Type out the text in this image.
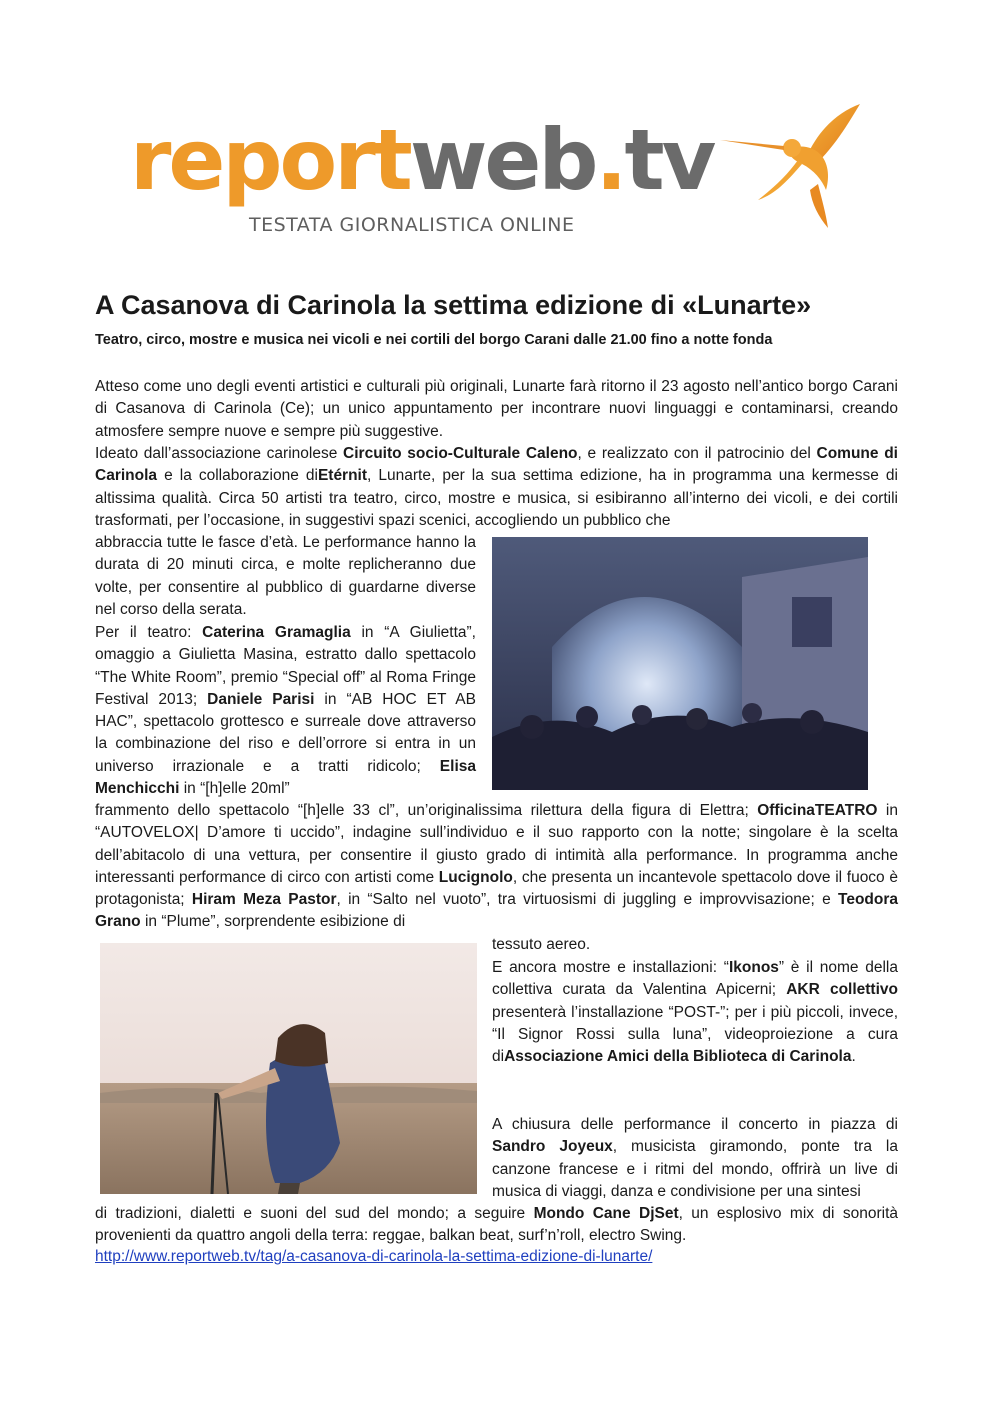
reportweb.tv
TESTATA GIORNALISTICA ONLINE
A Casanova di Carinola la settima edizione di «Lunarte»
Teatro, circo, mostre e musica nei vicoli e nei cortili del borgo Carani dalle 21.00 fino a notte fonda

Atteso come uno degli eventi artistici e culturali più originali, Lunarte farà ritorno il 23 agosto nell’antico borgo Carani di Casanova di Carinola (Ce); un unico appuntamento per incontrare nuovi linguaggi e contaminarsi, creando atmosfere sempre nuove e sempre più suggestive.

Ideato dall’associazione carinolese Circuito socio-Culturale Caleno, e realizzato con il patrocinio del Comune di Carinola e la collaborazione diEtérnit, Lunarte, per la sua settima edizione, ha in programma una kermesse di altissima qualità. Circa 50 artisti tra teatro, circo, mostre e musica, si esibiranno all’interno dei vicoli, e dei cortili trasformati, per l’occasione, in suggestivi spazi scenici, accogliendo un pubblico che

abbraccia tutte le fasce d’età. Le performance hanno la durata di 20 minuti circa, e molte replicheranno due volte, per consentire al pubblico di guardarne diverse nel corso della serata.

Per il teatro: Caterina Gramaglia in “A Giulietta”, omaggio a Giulietta Masina, estratto dallo spettacolo “The White Room”, premio “Special off” al Roma Fringe Festival 2013; Daniele Parisi in “AB HOC ET AB HAC”, spettacolo grottesco e surreale dove attraverso la combinazione del riso e dell’orrore si entra in un universo irrazionale e a tratti ridicolo; Elisa Menchicchi in “[h]elle 20ml”

frammento dello spettacolo “[h]elle 33 cl”, un’originalissima rilettura della figura di Elettra; OfficinaTEATRO in “AUTOVELOX| D’amore ti uccido”, indagine sull’individuo e il suo rapporto con la notte; singolare è la scelta dell’abitacolo di una vettura, per consentire il giusto grado di intimità alla performance. In programma anche interessanti performance di circo con artisti come Lucignolo, che presenta un incantevole spettacolo dove il fuoco è protagonista; Hiram Meza Pastor, in “Salto nel vuoto”, tra virtuosismi di juggling e improvvisazione; e Teodora Grano in “Plume”, sorprendente esibizione di

tessuto aereo.

E ancora mostre e installazioni: “Ikonos” è il nome della collettiva curata da Valentina Apicerni; AKR collettivo presenterà l’installazione “POST-”; per i più piccoli, invece, “Il Signor Rossi sulla luna”, videoproiezione a cura diAssociazione Amici della Biblioteca di Carinola.

A chiusura delle performance il concerto in piazza di Sandro Joyeux, musicista giramondo, ponte tra la canzone francese e i ritmi del mondo, offrirà un live di musica di viaggi, danza e condivisione per una sintesi

di tradizioni, dialetti e suoni del sud del mondo; a seguire Mondo Cane DjSet, un esplosivo mix di sonorità provenienti da quattro angoli della terra: reggae, balkan beat, surf’n’roll, electro Swing.

http://www.reportweb.tv/tag/a-casanova-di-carinola-la-settima-edizione-di-lunarte/
